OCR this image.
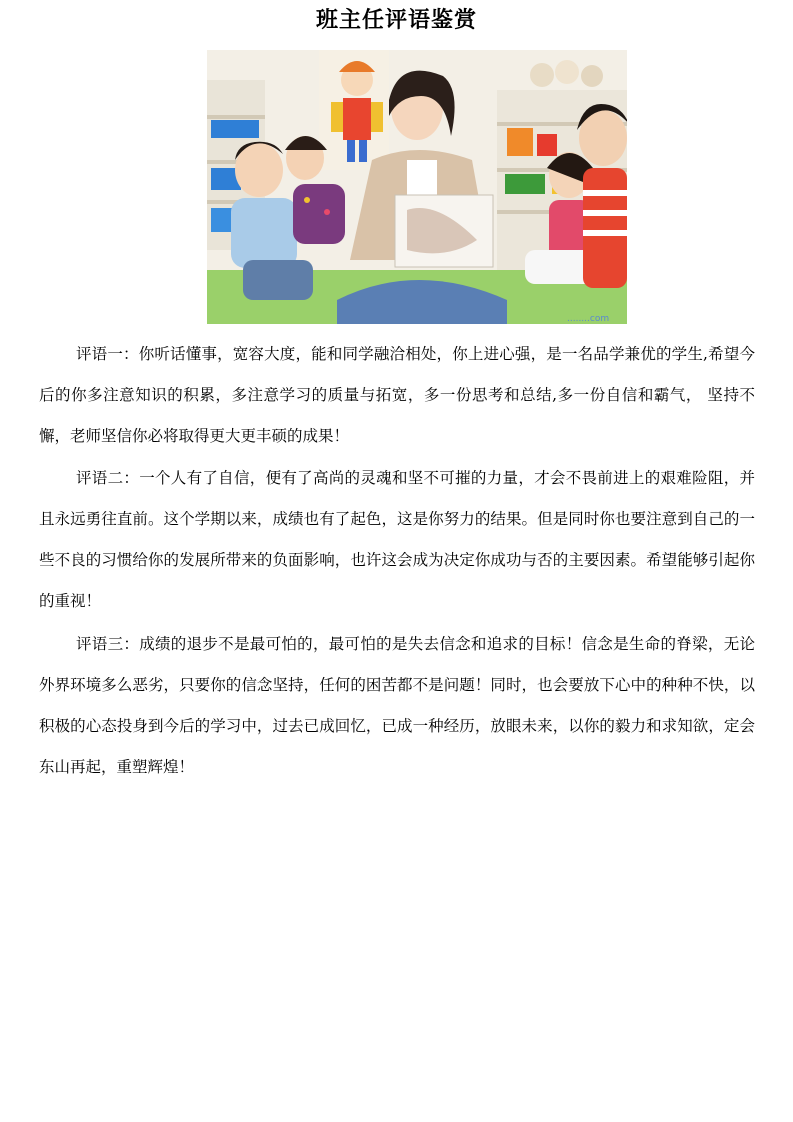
班主任评语鉴赏
........com

评语一：你听话懂事，宽容大度，能和同学融洽相处，你上进心强，是一名品学兼优的学生,希望今后的你多注意知识的积累，多注意学习的质量与拓宽，多一份思考和总结,多一份自信和霸气， 坚持不懈，老师坚信你必将取得更大更丰硕的成果！

评语二：一个人有了自信，便有了高尚的灵魂和坚不可摧的力量，才会不畏前进上的艰难险阻，并且永远勇往直前。这个学期以来，成绩也有了起色，这是你努力的结果。但是同时你也要注意到自己的一些不良的习惯给你的发展所带来的负面影响，也许这会成为决定你成功与否的主要因素。希望能够引起你的重视！

评语三：成绩的退步不是最可怕的，最可怕的是失去信念和追求的目标！信念是生命的脊梁，无论外界环境多么恶劣，只要你的信念坚持，任何的困苦都不是问题！同时，也会要放下心中的种种不快，以积极的心态投身到今后的学习中，过去已成回忆，已成一种经历，放眼未来，以你的毅力和求知欲，定会东山再起，重塑辉煌！
